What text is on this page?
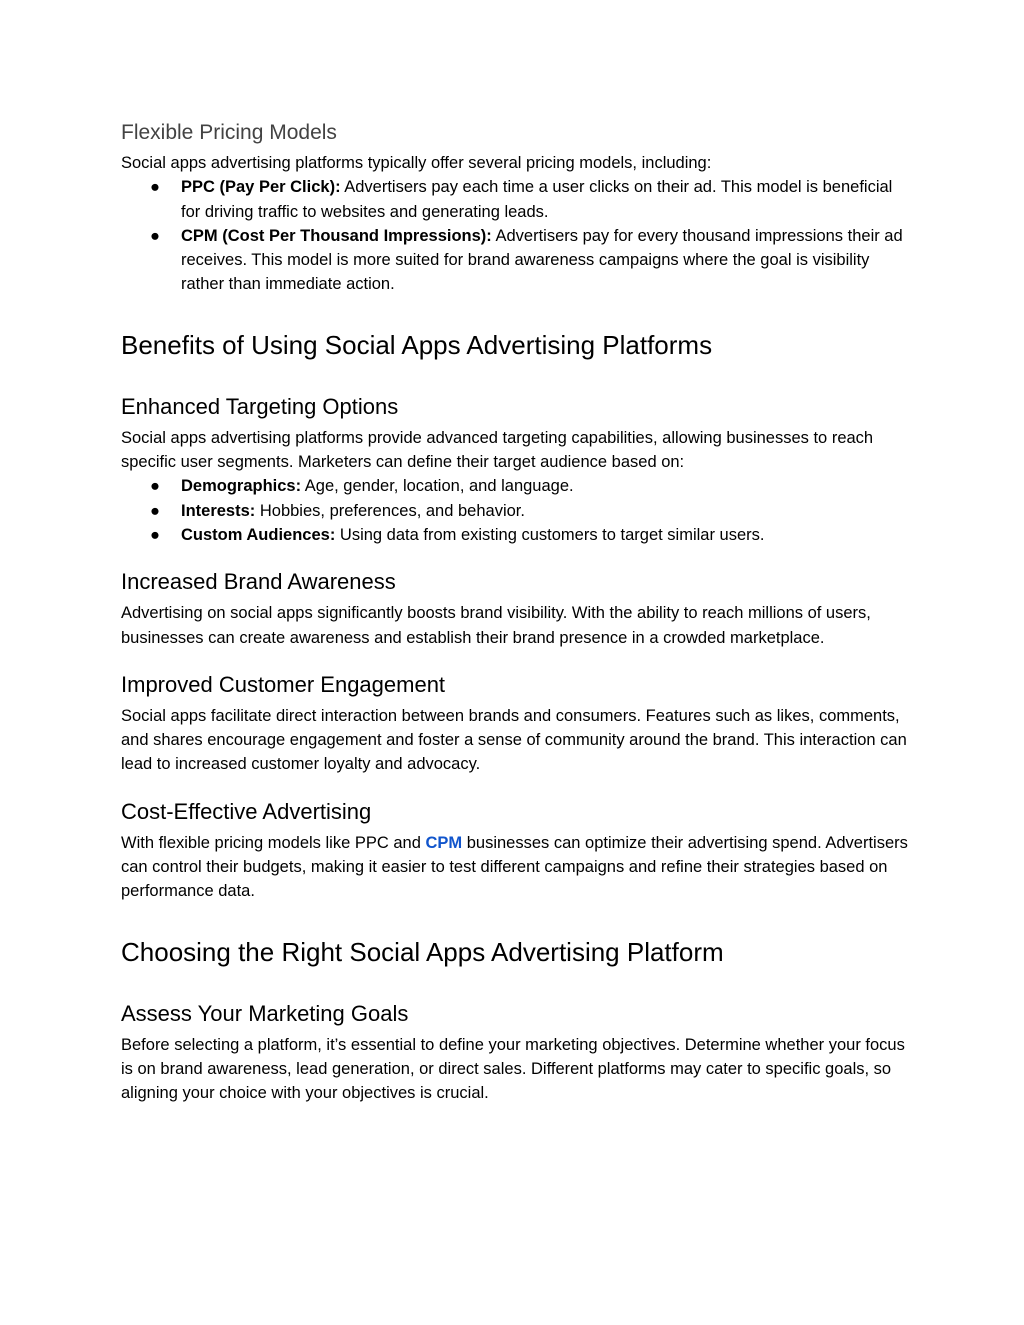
Flexible Pricing Models

Social apps advertising platforms typically offer several pricing models, including:

● PPC (Pay Per Click): Advertisers pay each time a user clicks on their ad. This model is beneficial for driving traffic to websites and generating leads.
● CPM (Cost Per Thousand Impressions): Advertisers pay for every thousand impressions their ad receives. This model is more suited for brand awareness campaigns where the goal is visibility rather than immediate action.
Benefits of Using Social Apps Advertising Platforms
Enhanced Targeting Options

Social apps advertising platforms provide advanced targeting capabilities, allowing businesses to reach specific user segments. Marketers can define their target audience based on:

● Demographics: Age, gender, location, and language.
● Interests: Hobbies, preferences, and behavior.
● Custom Audiences: Using data from existing customers to target similar users.
Increased Brand Awareness

Advertising on social apps significantly boosts brand visibility. With the ability to reach millions of users, businesses can create awareness and establish their brand presence in a crowded marketplace.

Improved Customer Engagement

Social apps facilitate direct interaction between brands and consumers. Features such as likes, comments, and shares encourage engagement and foster a sense of community around the brand. This interaction can lead to increased customer loyalty and advocacy.

Cost-Effective Advertising

With flexible pricing models like PPC and CPM businesses can optimize their advertising spend. Advertisers can control their budgets, making it easier to test different campaigns and refine their strategies based on performance data.

Choosing the Right Social Apps Advertising Platform
Assess Your Marketing Goals

Before selecting a platform, it’s essential to define your marketing objectives. Determine whether your focus is on brand awareness, lead generation, or direct sales. Different platforms may cater to specific goals, so aligning your choice with your objectives is crucial.
